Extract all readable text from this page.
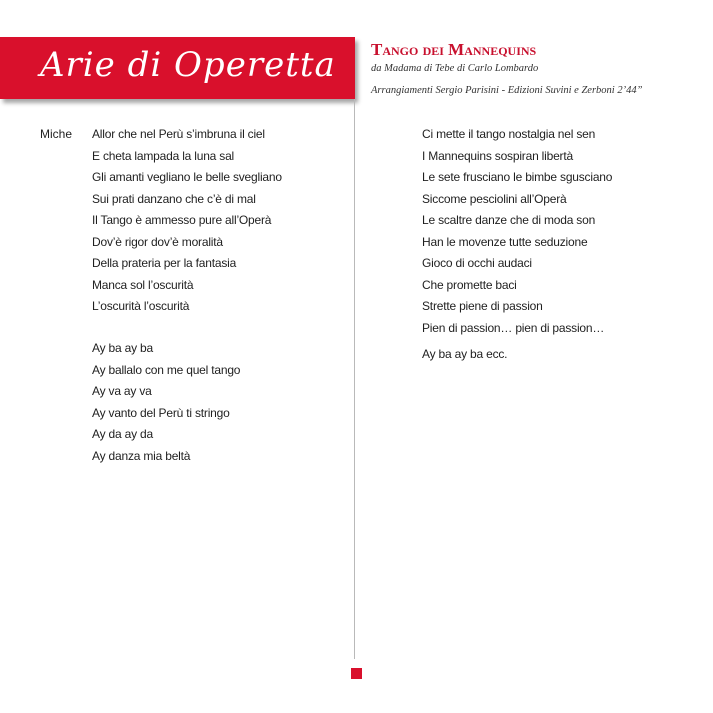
Arie di Operetta Tango dei Mannequins
da Madama di Tebe di Carlo Lombardo
Arrangiamenti Sergio Parisini - Edizioni Suvini e Zerboni 2’44”
Miche Allor che nel Perù s’imbruna il ciel
E cheta lampada la luna sal
Gli amanti vegliano le belle svegliano
Sui prati danzano che c’è di mal
Il Tango è ammesso pure all’Operà
Dov’è rigor dov’è moralità
Della prateria per la fantasia
Manca sol l’oscurità
L’oscurità l’oscurità
Ay ba ay ba
Ay ballalo con me quel tango
Ay va ay va
Ay vanto del Perù ti stringo
Ay da ay da
Ay danza mia beltà
Ci mette il tango nostalgia nel sen
I Mannequins sospiran libertà
Le sete frusciano le bimbe sgusciano
Siccome pesciolini all’Operà
Le scaltre danze che di moda son
Han le movenze tutte seduzione
Gioco di occhi audaci
Che promette baci
Strette piene di passion
Pien di passion… pien di passion…
Ay ba ay ba ecc.
